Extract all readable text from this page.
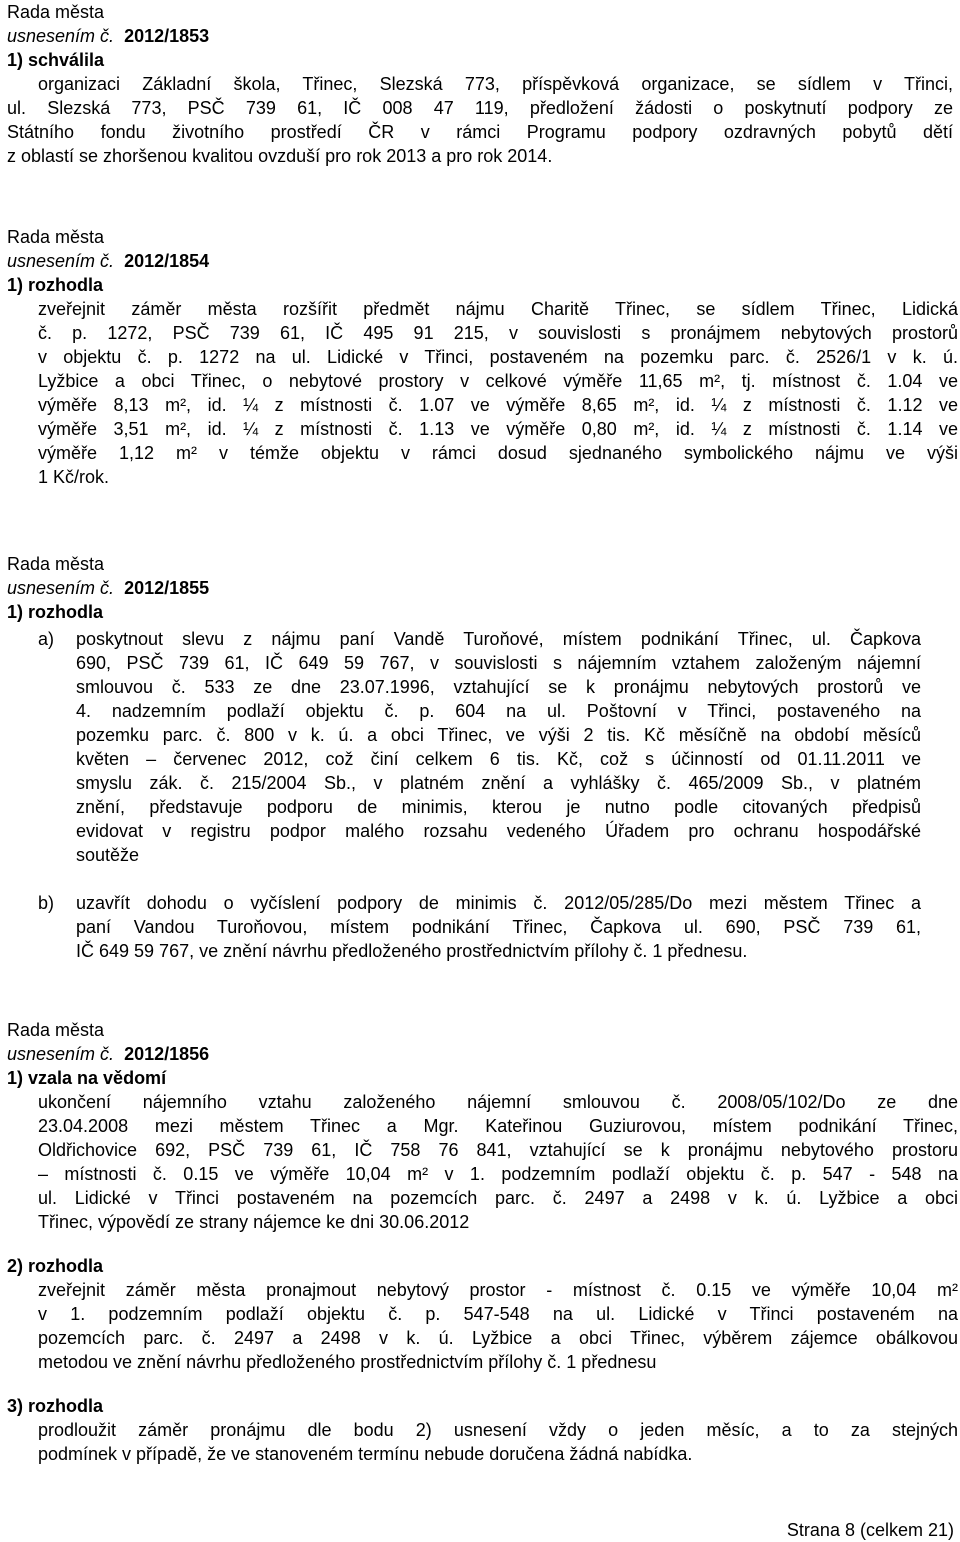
Rada města
usnesením č. 2012/1853
1) schválila
organizaci Základní škola, Třinec, Slezská 773, příspěvková organizace, se sídlem v Třinci,
ul. Slezská 773, PSČ 739 61, IČ 008 47 119, předložení žádosti o poskytnutí podpory ze
Státního fondu životního prostředí ČR v rámci Programu podpory ozdravných pobytů dětí
z oblastí se zhoršenou kvalitou ovzduší pro rok 2013 a pro rok 2014.
Rada města
usnesením č. 2012/1854
1) rozhodla
zveřejnit záměr města rozšířit předmět nájmu Charitě Třinec, se sídlem Třinec, Lidická
č. p. 1272, PSČ 739 61, IČ 495 91 215, v souvislosti s pronájmem nebytových prostorů
v objektu č. p. 1272 na ul. Lidické v Třinci, postaveném na pozemku parc. č. 2526/1 v k. ú.
Lyžbice a obci Třinec, o nebytové prostory v celkové výměře 11,65 m², tj. místnost č. 1.04 ve
výměře 8,13 m², id. ¼ z místnosti č. 1.07 ve výměře 8,65 m², id. ¼ z místnosti č. 1.12 ve
výměře 3,51 m², id. ¼ z místnosti č. 1.13 ve výměře 0,80 m², id. ¼ z místnosti č. 1.14 ve
výměře 1,12 m² v témže objektu v rámci dosud sjednaného symbolického nájmu ve výši
1 Kč/rok.
Rada města
usnesením č. 2012/1855
1) rozhodla
a)	poskytnout slevu z nájmu paní Vandě Turoňové, místem podnikání Třinec, ul. Čapkova
690, PSČ 739 61, IČ 649 59 767, v souvislosti s nájemním vztahem založeným nájemní
smlouvou č. 533 ze dne 23.07.1996, vztahující se k pronájmu nebytových prostorů ve
4. nadzemním podlaží objektu č. p. 604 na ul. Poštovní v Třinci, postaveného na
pozemku parc. č. 800 v k. ú. a obci Třinec, ve výši 2 tis. Kč měsíčně na období měsíců
květen – červenec 2012, což činí celkem 6 tis. Kč, což s účinností od 01.11.2011 ve
smyslu zák. č. 215/2004 Sb., v platném znění a vyhlášky č. 465/2009 Sb., v platném
znění, představuje podporu de minimis, kterou je nutno podle citovaných předpisů
evidovat v registru podpor malého rozsahu vedeného Úřadem pro ochranu hospodářské
soutěže
b)	uzavřít dohodu o vyčíslení podpory de minimis č. 2012/05/285/Do mezi městem Třinec a
paní Vandou Turoňovou, místem podnikání Třinec, Čapkova ul. 690, PSČ 739 61,
IČ 649 59 767, ve znění návrhu předloženého prostřednictvím přílohy č. 1 přednesu.
Rada města
usnesením č. 2012/1856
1) vzala na vědomí
ukončení nájemního vztahu založeného nájemní smlouvou č. 2008/05/102/Do ze dne
23.04.2008 mezi městem Třinec a Mgr. Kateřinou Guziurovou, místem podnikání Třinec,
Oldřichovice 692, PSČ 739 61, IČ 758 76 841, vztahující se k pronájmu nebytového prostoru
– místnosti č. 0.15 ve výměře 10,04 m² v 1. podzemním podlaží objektu č. p. 547 - 548 na
ul. Lidické v Třinci postaveném na pozemcích parc. č. 2497 a 2498 v k. ú. Lyžbice a obci
Třinec, výpovědí ze strany nájemce ke dni 30.06.2012
2) rozhodla
zveřejnit záměr města pronajmout nebytový prostor - místnost č. 0.15 ve výměře 10,04 m²
v 1. podzemním podlaží objektu č. p. 547-548 na ul. Lidické v Třinci postaveném na
pozemcích parc. č. 2497 a 2498 v k. ú. Lyžbice a obci Třinec, výběrem zájemce obálkovou
metodou ve znění návrhu předloženého prostřednictvím přílohy č. 1 přednesu
3) rozhodla
prodloužit záměr pronájmu dle bodu 2) usnesení vždy o jeden měsíc, a to za stejných
podmínek v případě, že ve stanoveném termínu nebude doručena žádná nabídka.
Strana 8 (celkem 21)
